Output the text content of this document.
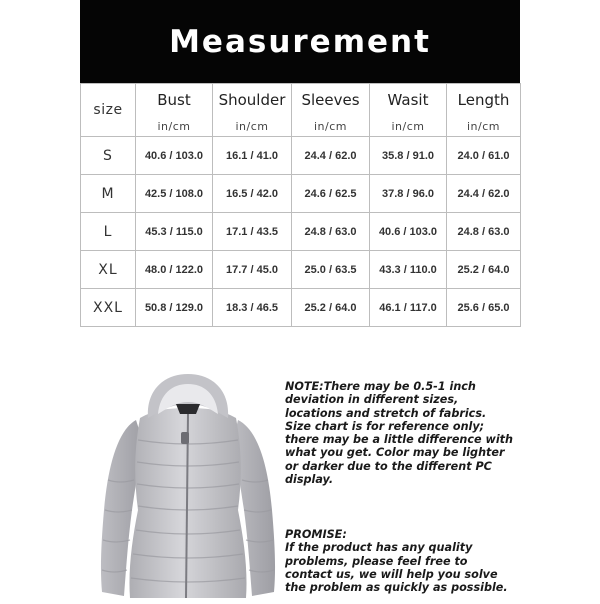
Measurement
size	Bust	Shoulder	Sleeves	Wasit	Length
	in/cm	in/cm	in/cm	in/cm	in/cm
S	40.6 / 103.0	16.1 / 41.0	24.4 / 62.0	35.8 / 91.0	24.0 / 61.0
M	42.5 / 108.0	16.5 / 42.0	24.6 / 62.5	37.8 / 96.0	24.4 / 62.0
L	45.3 / 115.0	17.1 / 43.5	24.8 / 63.0	40.6 / 103.0	24.8 / 63.0
XL	48.0 / 122.0	17.7 / 45.0	25.0 / 63.5	43.3 / 110.0	25.2 / 64.0
XXL	50.8 / 129.0	18.3 / 46.5	25.2 / 64.0	46.1 / 117.0	25.6 / 65.0
NOTE:There may be 0.5-1 inch deviation in different sizes, locations and stretch of fabrics. Size chart is for reference only; there may be a little difference with what you get. Color may be lighter or darker due to the different PC display.
PROMISE:
If the product has any quality problems, please feel free to contact us, we will help you solve the problem as quickly as possible.
